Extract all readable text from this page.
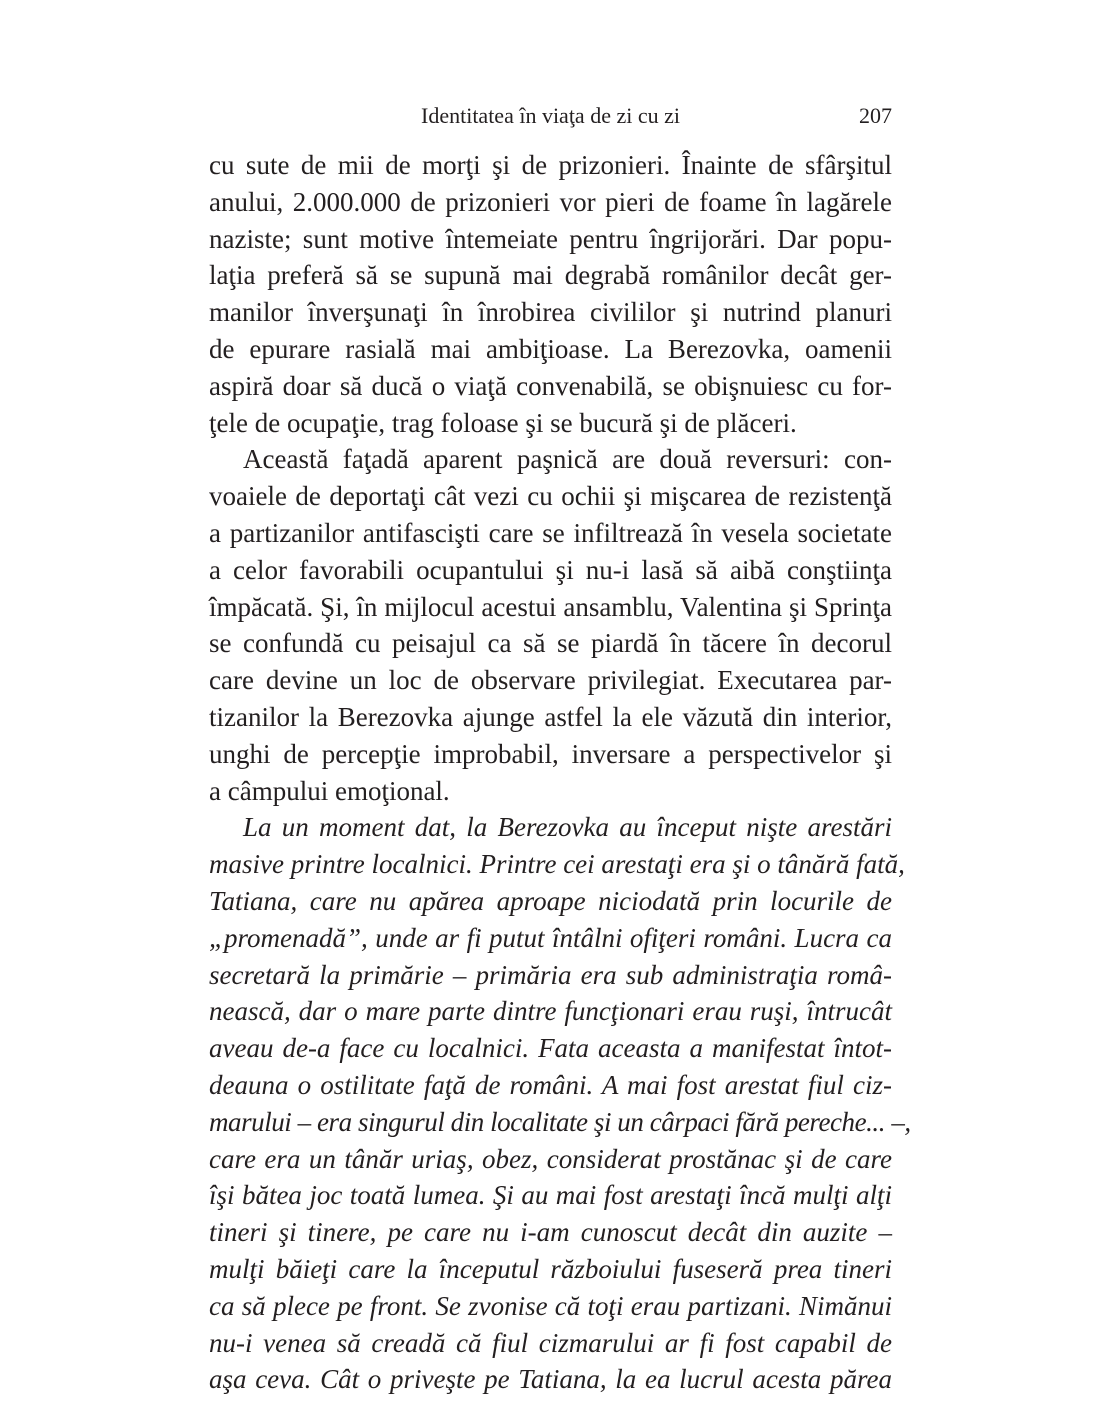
Identitatea în viaţa de zi cu zi	207
cu sute de mii de morţi şi de prizonieri. Înainte de sfârşitul
anului, 2.000.000 de prizonieri vor pieri de foame în lagărele
naziste; sunt motive întemeiate pentru îngrijorări. Dar popu-
laţia preferă să se supună mai degrabă românilor decât ger-
manilor înverşunaţi în înrobirea civililor şi nutrind planuri
de epurare rasială mai ambiţioase. La Berezovka, oamenii
aspiră doar să ducă o viaţă convenabilă, se obişnuiesc cu for-
ţele de ocupaţie, trag foloase şi se bucură şi de plăceri.
Această faţadă aparent paşnică are două reversuri: con-
voaiele de deportaţi cât vezi cu ochii şi mişcarea de rezistenţă
a partizanilor antifascişti care se infiltrează în vesela societate
a celor favorabili ocupantului şi nu-i lasă să aibă conştiinţa
împăcată. Şi, în mijlocul acestui ansamblu, Valentina şi Sprinţa
se confundă cu peisajul ca să se piardă în tăcere în decorul
care devine un loc de observare privilegiat. Executarea par-
tizanilor la Berezovka ajunge astfel la ele văzută din interior,
unghi de percepţie improbabil, inversare a perspectivelor şi
a câmpului emoţional.
La un moment dat, la Berezovka au început nişte arestări
masive printre localnici. Printre cei arestaţi era şi o tânără fată,
Tatiana, care nu apărea aproape niciodată prin locurile de
„promenadă”, unde ar fi putut întâlni ofiţeri români. Lucra ca
secretară la primărie – primăria era sub administraţia româ-
nească, dar o mare parte dintre funcţionari erau ruşi, întrucât
aveau de-a face cu localnici. Fata aceasta a manifestat întot-
deauna o ostilitate faţă de români. A mai fost arestat fiul ciz-
marului – era singurul din localitate şi un cârpaci fără pereche... –,
care era un tânăr uriaş, obez, considerat prostănac şi de care
îşi bătea joc toată lumea. Şi au mai fost arestaţi încă mulţi alţi
tineri şi tinere, pe care nu i-am cunoscut decât din auzite –
mulţi băieţi care la începutul războiului fuseseră prea tineri
ca să plece pe front. Se zvonise că toţi erau partizani. Nimănui
nu-i venea să creadă că fiul cizmarului ar fi fost capabil de
aşa ceva. Cât o priveşte pe Tatiana, la ea lucrul acesta părea
